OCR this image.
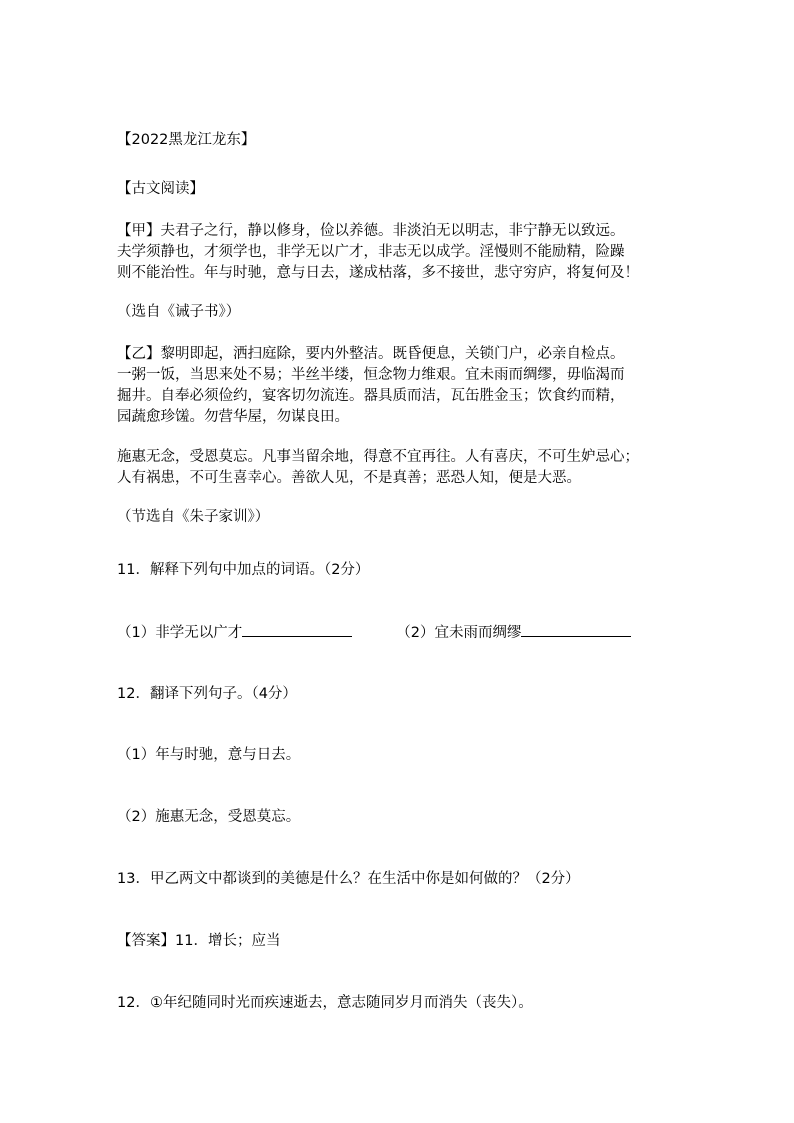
【2022黑龙江龙东】
【古文阅读】
【甲】夫君子之行，静以修身，俭以养德。非淡泊无以明志，非宁静无以致远。
夫学须静也，才须学也，非学无以广才，非志无以成学。淫慢则不能励精，险躁
则不能治性。年与时驰，意与日去，遂成枯落，多不接世，悲守穷庐，将复何及！
（选自《诫子书》）
【乙】黎明即起，洒扫庭除，要内外整洁。既昏便息，关锁门户，必亲自检点。
一粥一饭，当思来处不易；半丝半缕，恒念物力维艰。宜未雨而绸缪，毋临渴而
掘井。自奉必须俭约，宴客切勿流连。器具质而洁，瓦缶胜金玉；饮食约而精，
园蔬愈珍馐。勿营华屋，勿谋良田。
施惠无念，受恩莫忘。凡事当留余地，得意不宜再往。人有喜庆，不可生妒忌心；
人有祸患，不可生喜幸心。善欲人见，不是真善；恶恐人知，便是大恶。
（节选自《朱子家训》）
11．解释下列句中加点的词语。（2分）
（1）非学无以广才	（2）宜未雨而绸缪
12．翻译下列句子。（4分）
（1）年与时驰，意与日去。
（2）施惠无念，受恩莫忘。
13．甲乙两文中都谈到的美德是什么？在生活中你是如何做的？（2分）
【答案】11．增长；应当
12．①年纪随同时光而疾速逝去，意志随同岁月而消失（丧失）。
